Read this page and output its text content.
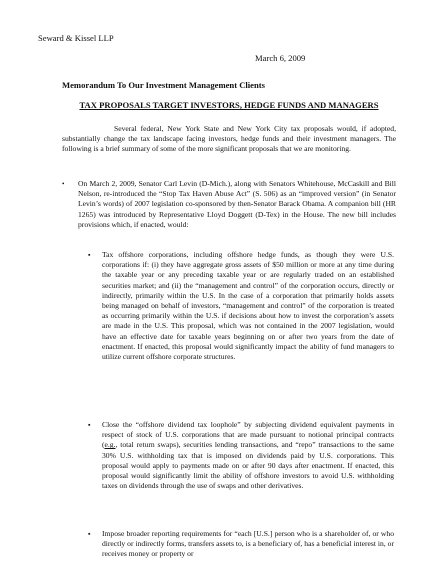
Seward & Kissel LLP
March 6, 2009
Memorandum To Our Investment Management Clients
TAX PROPOSALS TARGET INVESTORS, HEDGE FUNDS AND MANAGERS

Several federal, New York State and New York City tax proposals would, if adopted, substantially change the tax landscape facing investors, hedge funds and their investment managers. The following is a brief summary of some of the more significant proposals that we are monitoring.

• On March 2, 2009, Senator Carl Levin (D-Mich.), along with Senators Whitehouse, McCaskill and Bill Nelson, re-introduced the “Stop Tax Haven Abuse Act” (S. 506) as an “improved version” (in Senator Levin’s words) of 2007 legislation co-sponsored by then-Senator Barack Obama. A companion bill (HR 1265) was introduced by Representative Lloyd Doggett (D-Tex) in the House. The new bill includes provisions which, if enacted, would:

▪ Tax offshore corporations, including offshore hedge funds, as though they were U.S. corporations if: (i) they have aggregate gross assets of $50 million or more at any time during the taxable year or any preceding taxable year or are regularly traded on an established securities market; and (ii) the “management and control” of the corporation occurs, directly or indirectly, primarily within the U.S. In the case of a corporation that primarily holds assets being managed on behalf of investors, “management and control” of the corporation is treated as occurring primarily within the U.S. if decisions about how to invest the corporation’s assets are made in the U.S. This proposal, which was not contained in the 2007 legislation, would have an effective date for taxable years beginning on or after two years from the date of enactment. If enacted, this proposal would significantly impact the ability of fund managers to utilize current offshore corporate structures.

▪ Close the “offshore dividend tax loophole” by subjecting dividend equivalent payments in respect of stock of U.S. corporations that are made pursuant to notional principal contracts (e.g., total return swaps), securities lending transactions, and “repo” transactions to the same 30% U.S. withholding tax that is imposed on dividends paid by U.S. corporations. This proposal would apply to payments made on or after 90 days after enactment. If enacted, this proposal would significantly limit the ability of offshore investors to avoid U.S. withholding taxes on dividends through the use of swaps and other derivatives.

▪ Impose broader reporting requirements for “each [U.S.] person who is a shareholder of, or who directly or indirectly forms, transfers assets to, is a beneficiary of, has a beneficial interest in, or receives money or property or
